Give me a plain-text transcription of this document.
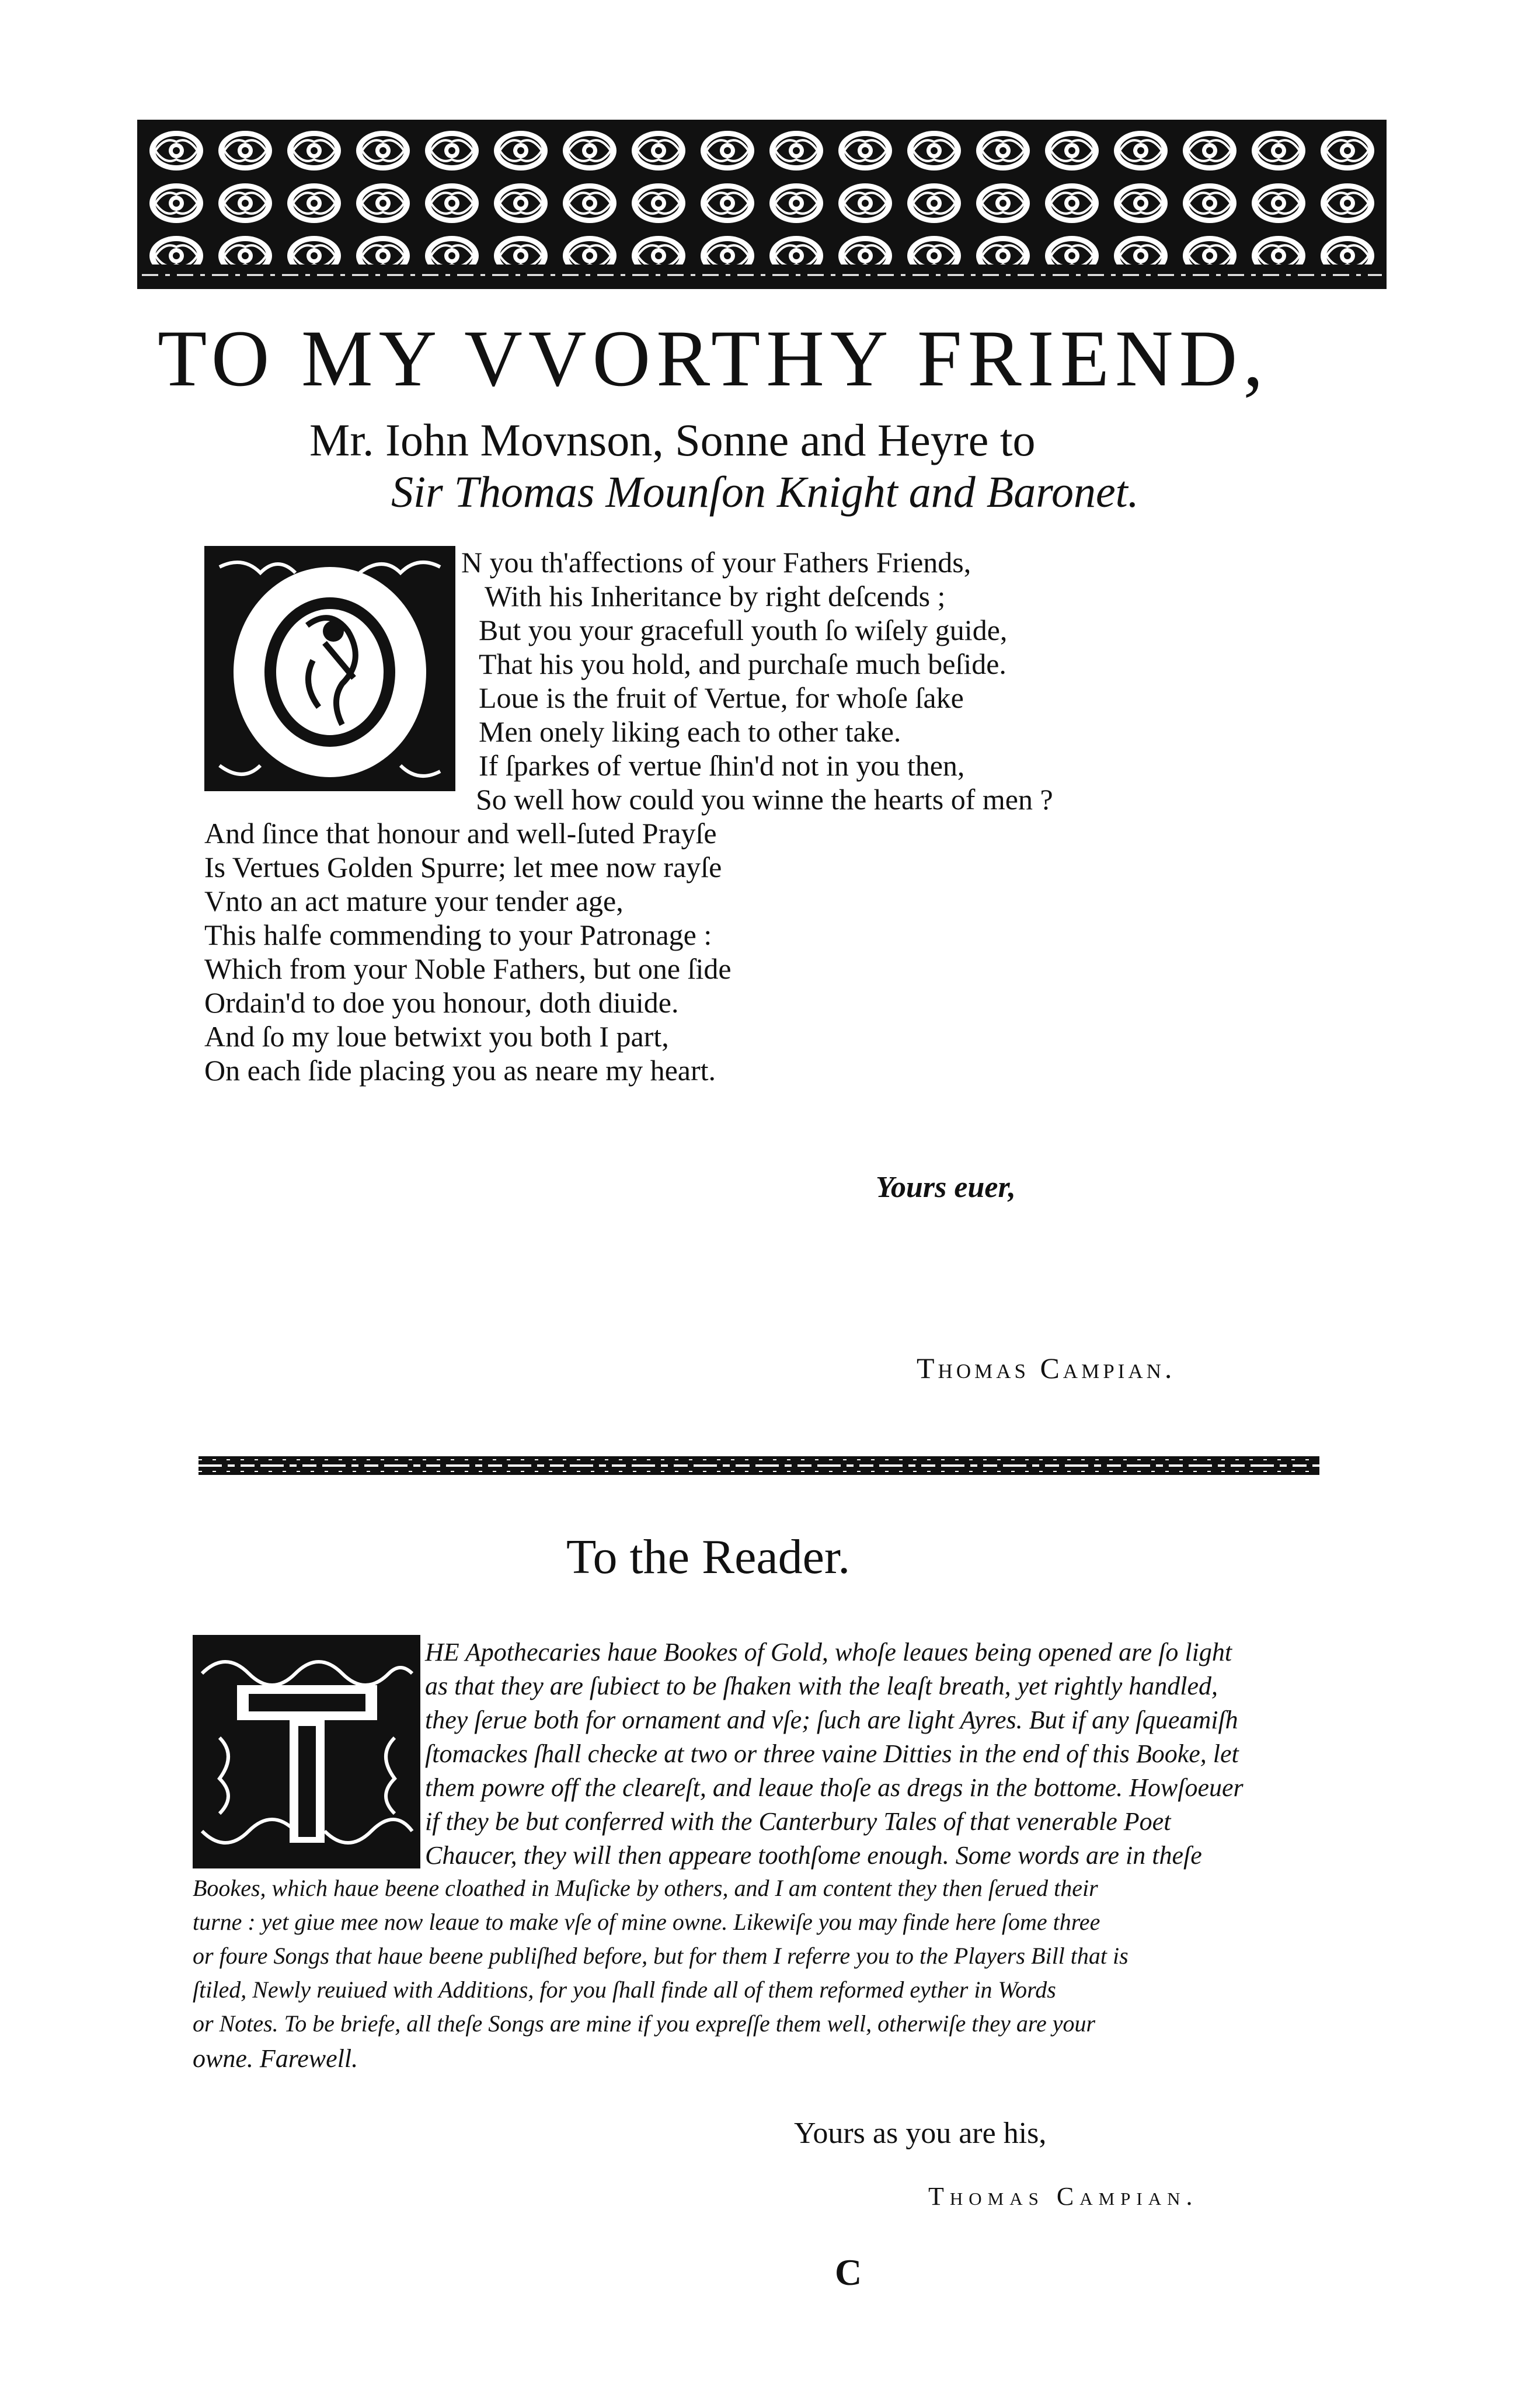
TO MY VVORTHY FRIEND,
Mr. Iohn Movnson, Sonne and Heyre to
Sir Thomas Mounſon Knight and Baronet.
N you th'affections of your Fathers Friends,
With his Inheritance by right deſcends ;
But you your gracefull youth ſo wiſely guide,
That his you hold, and purchaſe much beſide.
Loue is the fruit of Vertue, for whoſe ſake
Men onely liking each to other take.
If ſparkes of vertue ſhin'd not in you then,
So well how could you winne the hearts of men ?
And ſince that honour and well-ſuted Prayſe
Is Vertues Golden Spurre; let mee now rayſe
Vnto an act mature your tender age,
This halfe commending to your Patronage :
Which from your Noble Fathers, but one ſide
Ordain'd to doe you honour, doth diuide.
And ſo my loue betwixt you both I part,
On each ſide placing you as neare my heart.
Yours euer,
Thomas Campian.
To the Reader.
HE Apothecaries haue Bookes of Gold, whoſe leaues being opened are ſo light
as that they are ſubiect to be ſhaken with the leaſt breath, yet rightly handled,
they ſerue both for ornament and vſe; ſuch are light Ayres. But if any ſqueamiſh
ſtomackes ſhall checke at two or three vaine Ditties in the end of this Booke, let
them powre off the cleareſt, and leaue thoſe as dregs in the bottome. Howſoeuer
if they be but conferred with the Canterbury Tales of that venerable Poet
Chaucer, they will then appeare toothſome enough. Some words are in theſe
Bookes, which haue beene cloathed in Muſicke by others, and I am content they then ſerued their
turne : yet giue mee now leaue to make vſe of mine owne. Likewiſe you may finde here ſome three
or foure Songs that haue beene publiſhed before, but for them I referre you to the Players Bill that is
ſtiled, Newly reuiued with Additions, for you ſhall finde all of them reformed eyther in Words
or Notes. To be briefe, all theſe Songs are mine if you expreſſe them well, otherwiſe they are your
owne. Farewell.
Yours as you are his,
Thomas Campian.
C
